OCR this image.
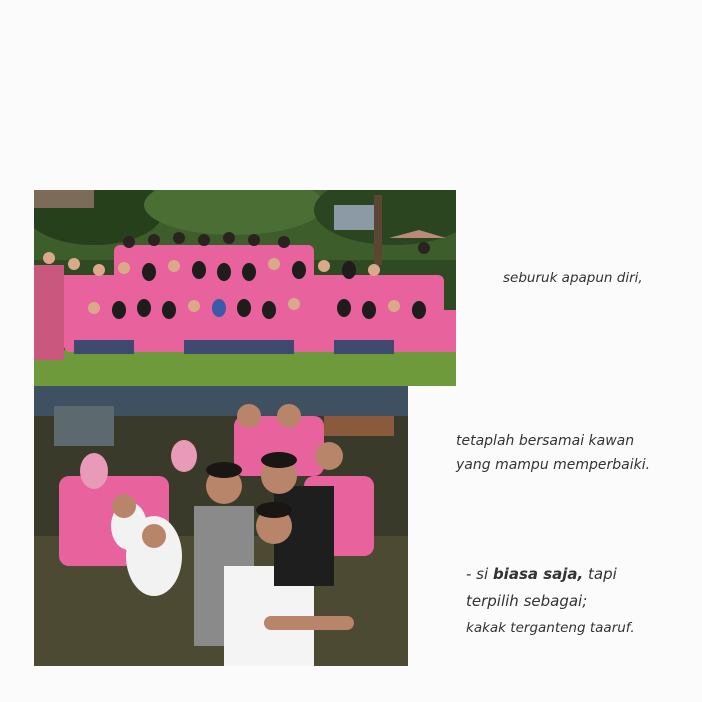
seburuk apapun diri,
tetaplah bersamai kawan
yang mampu memperbaiki.
- si biasa saja, tapi
terpilih sebagai;
kakak terganteng taaruf.
